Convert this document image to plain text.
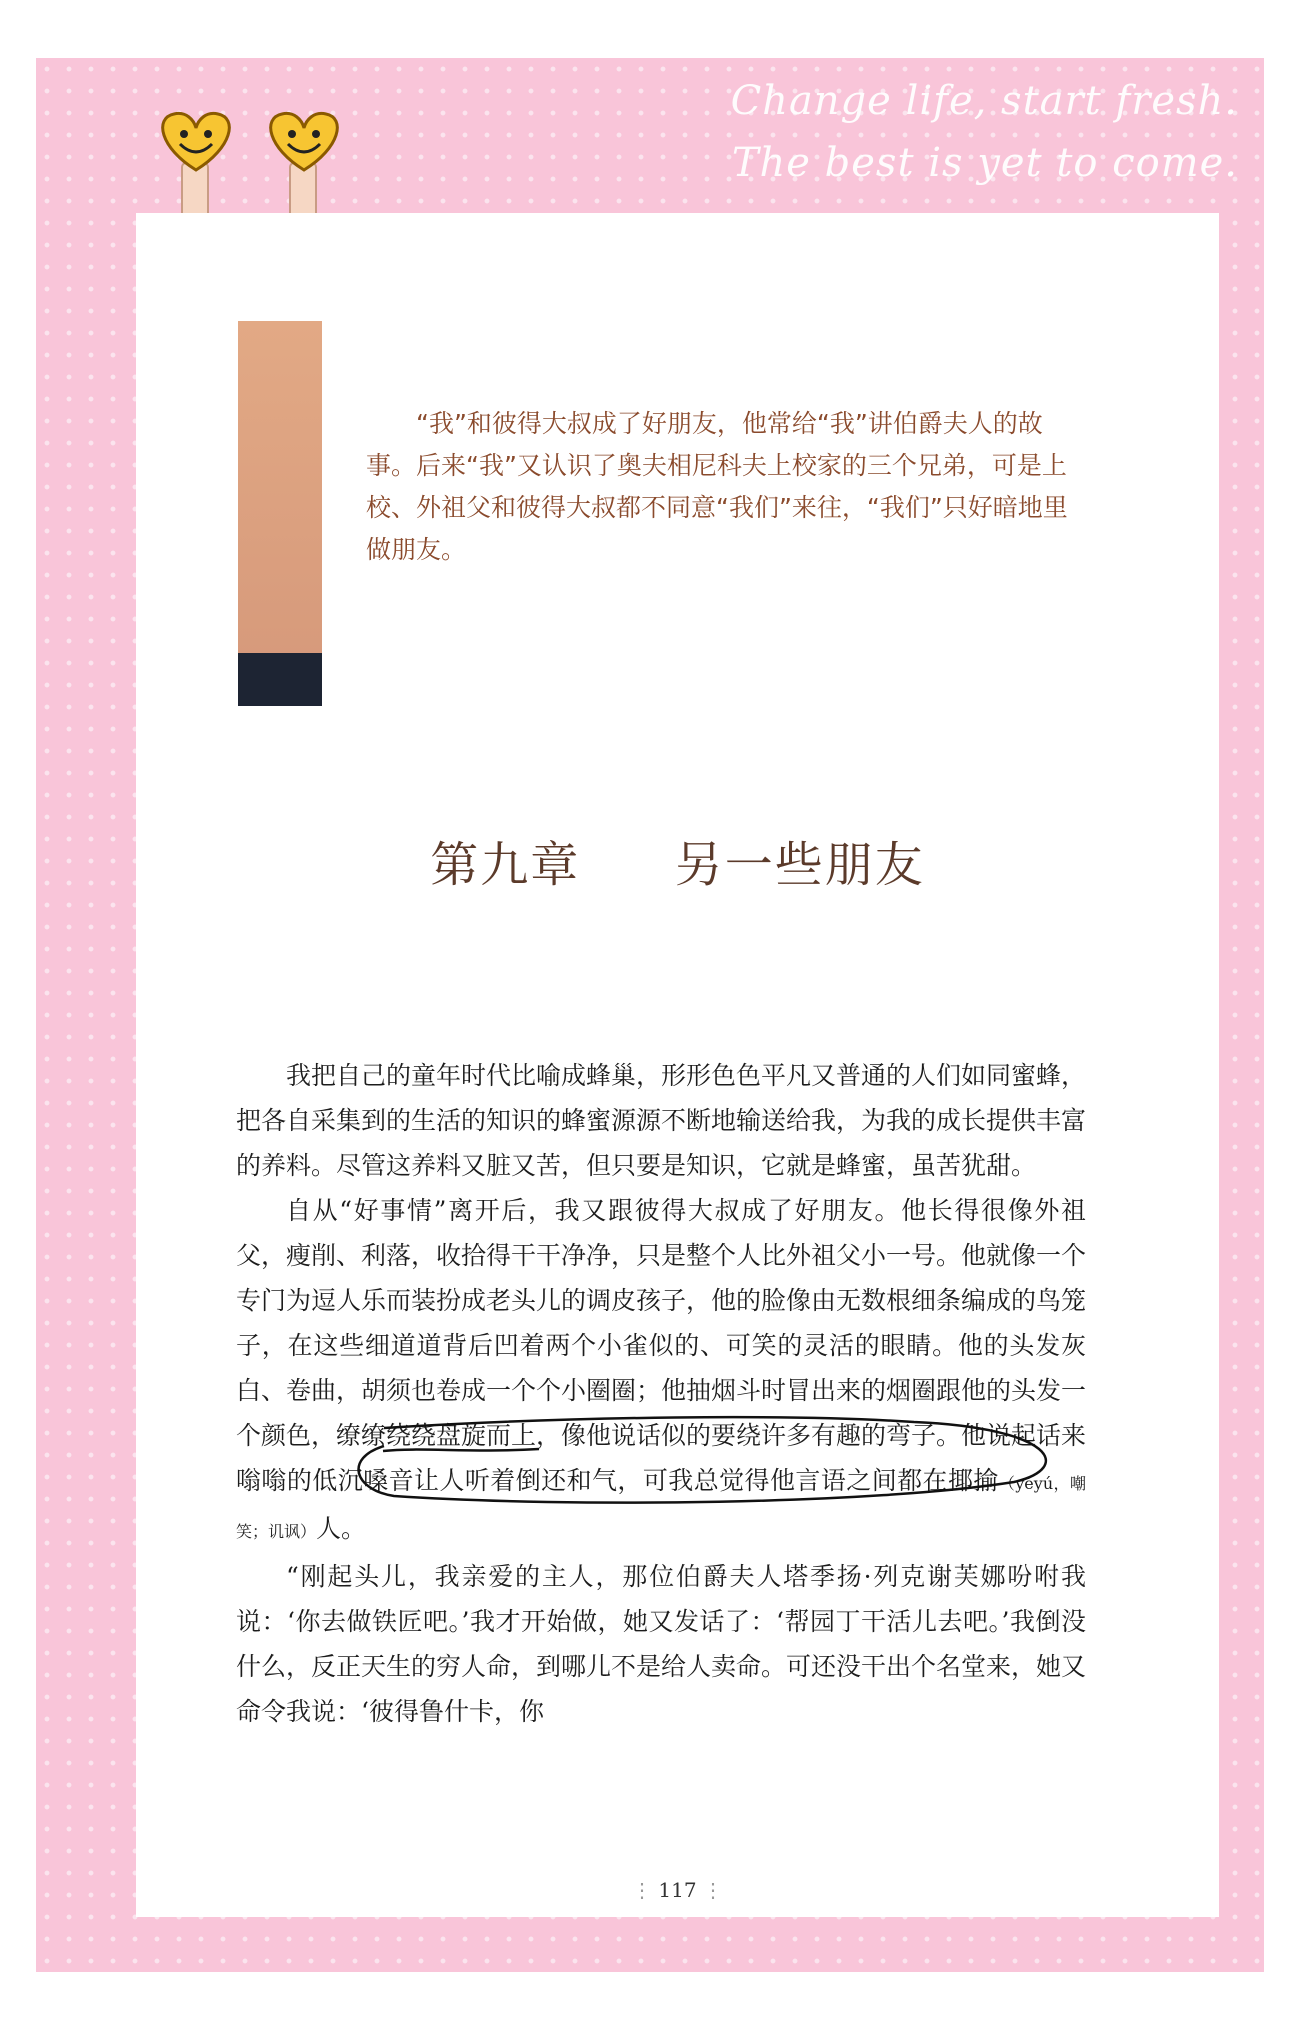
Change life, start fresh.
The best is yet to come.

“我”和彼得大叔成了好朋友，他常给“我”讲伯爵夫人的故事。后来“我”又认识了奥夫相尼科夫上校家的三个兄弟，可是上校、外祖父和彼得大叔都不同意“我们”来往，“我们”只好暗地里做朋友。

第九章 另一些朋友

我把自己的童年时代比喻成蜂巢，形形色色平凡又普通的人们如同蜜蜂，把各自采集到的生活的知识的蜂蜜源源不断地输送给我，为我的成长提供丰富的养料。尽管这养料又脏又苦，但只要是知识，它就是蜂蜜，虽苦犹甜。

自从“好事情”离开后，我又跟彼得大叔成了好朋友。他长得很像外祖父，瘦削、利落，收拾得干干净净，只是整个人比外祖父小一号。他就像一个专门为逗人乐而装扮成老头儿的调皮孩子，他的脸像由无数根细条编成的鸟笼子，在这些细道道背后凹着两个小雀似的、可笑的灵活的眼睛。他的头发灰白、卷曲，胡须也卷成一个个小圈圈；他抽烟斗时冒出来的烟圈跟他的头发一个颜色，缭缭绕绕盘旋而上，像他说话似的要绕许多有趣的弯子。他说起话来嗡嗡的低沉嗓音让人听着倒还和气，可我总觉得他言语之间都在揶揄（yéyú，嘲笑；讥讽）人。

“刚起头儿，我亲爱的主人，那位伯爵夫人塔季扬·列克谢芙娜吩咐我说：‘你去做铁匠吧。’我才开始做，她又发话了：‘帮园丁干活儿去吧。’我倒没什么，反正天生的穷人命，到哪儿不是给人卖命。可还没干出个名堂来，她又命令我说：‘彼得鲁什卡，你

⋮ 117 ⋮
